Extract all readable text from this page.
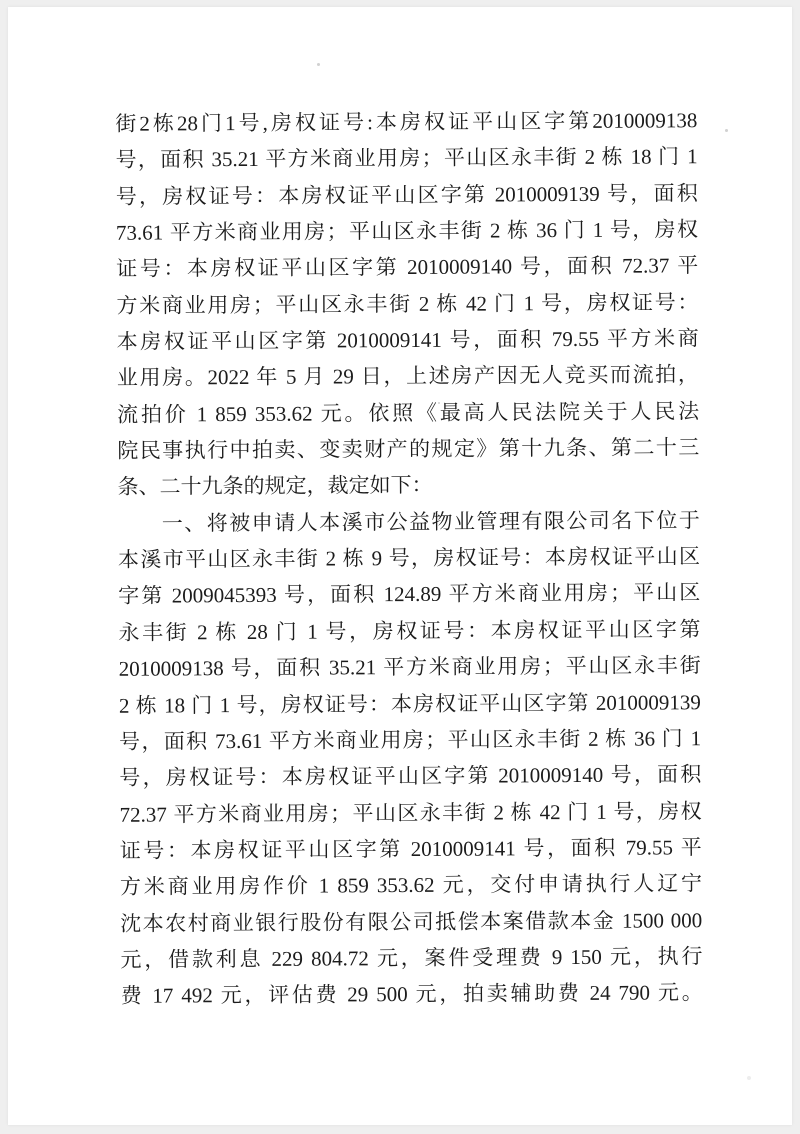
街2栋28门1号,房权证号:本房权证平山区字第2010009138
号，面积 35.21 平方米商业用房；平山区永丰街 2 栋 18 门 1
号，房权证号：本房权证平山区字第 2010009139 号，面积
73.61 平方米商业用房；平山区永丰街 2 栋 36 门 1 号，房权
证号：本房权证平山区字第 2010009140 号，面积 72.37 平
方米商业用房；平山区永丰街 2 栋 42 门 1 号，房权证号：
本房权证平山区字第 2010009141 号，面积 79.55 平方米商
业用房。2022 年 5 月 29 日，上述房产因无人竞买而流拍，
流拍价 1 859 353.62 元。依照《最高人民法院关于人民法
院民事执行中拍卖、变卖财产的规定》第十九条、第二十三
条、二十九条的规定，裁定如下：
一、将被申请人本溪市公益物业管理有限公司名下位于
本溪市平山区永丰街 2 栋 9 号，房权证号：本房权证平山区
字第 2009045393 号，面积 124.89 平方米商业用房；平山区
永丰街 2 栋 28 门 1 号，房权证号：本房权证平山区字第
2010009138 号，面积 35.21 平方米商业用房；平山区永丰街
2 栋 18 门 1 号，房权证号：本房权证平山区字第 2010009139
号，面积 73.61 平方米商业用房；平山区永丰街 2 栋 36 门 1
号，房权证号：本房权证平山区字第 2010009140 号，面积
72.37 平方米商业用房；平山区永丰街 2 栋 42 门 1 号，房权
证号：本房权证平山区字第 2010009141 号，面积 79.55 平
方米商业用房作价 1 859 353.62 元，交付申请执行人辽宁
沈本农村商业银行股份有限公司抵偿本案借款本金 1500 000
元，借款利息 229 804.72 元，案件受理费 9 150 元，执行
费 17 492 元，评估费 29 500 元，拍卖辅助费 24 790 元。
